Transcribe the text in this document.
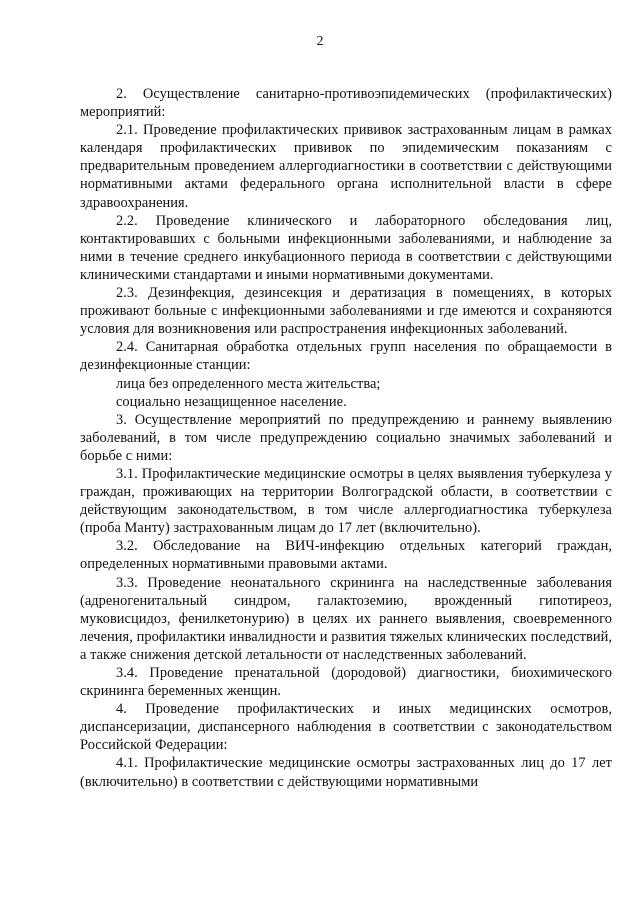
2

2. Осуществление санитарно-противоэпидемических (профилактических) мероприятий:

2.1. Проведение профилактических прививок застрахованным лицам в рамках календаря профилактических прививок по эпидемическим показаниям с предварительным проведением аллергодиагностики в соответствии с действующими нормативными актами федерального органа исполнительной власти в сфере здравоохранения.

2.2. Проведение клинического и лабораторного обследования лиц, контактировавших с больными инфекционными заболеваниями, и наблюдение за ними в течение среднего инкубационного периода в соответствии с действующими клиническими стандартами и иными нормативными документами.

2.3. Дезинфекция, дезинсекция и дератизация в помещениях, в которых проживают больные с инфекционными заболеваниями и где имеются и сохраняются условия для возникновения или распространения инфекционных заболеваний.

2.4. Санитарная обработка отдельных групп населения по обращаемости в дезинфекционные станции:

лица без определенного места жительства;

социально незащищенное население.

3. Осуществление мероприятий по предупреждению и раннему выявлению заболеваний, в том числе предупреждению социально значимых заболеваний и борьбе с ними:

3.1. Профилактические медицинские осмотры в целях выявления туберкулеза у граждан, проживающих на территории Волгоградской области, в соответствии с действующим законодательством, в том числе аллергодиагностика туберкулеза (проба Манту) застрахованным лицам до 17 лет (включительно).

3.2. Обследование на ВИЧ-инфекцию отдельных категорий граждан, определенных нормативными правовыми актами.

3.3. Проведение неонатального скрининга на наследственные заболевания (адреногенитальный синдром, галактоземию, врожденный гипотиреоз, муковисцидоз, фенилкетонурию) в целях их раннего выявления, своевременного лечения, профилактики инвалидности и развития тяжелых клинических последствий, а также снижения детской летальности от наследственных заболеваний.

3.4. Проведение пренатальной (дородовой) диагностики, биохимического скрининга беременных женщин.

4. Проведение профилактических и иных медицинских осмотров, диспансеризации, диспансерного наблюдения в соответствии с законодательством Российской Федерации:

4.1. Профилактические медицинские осмотры застрахованных лиц до 17 лет (включительно) в соответствии с действующими нормативными
